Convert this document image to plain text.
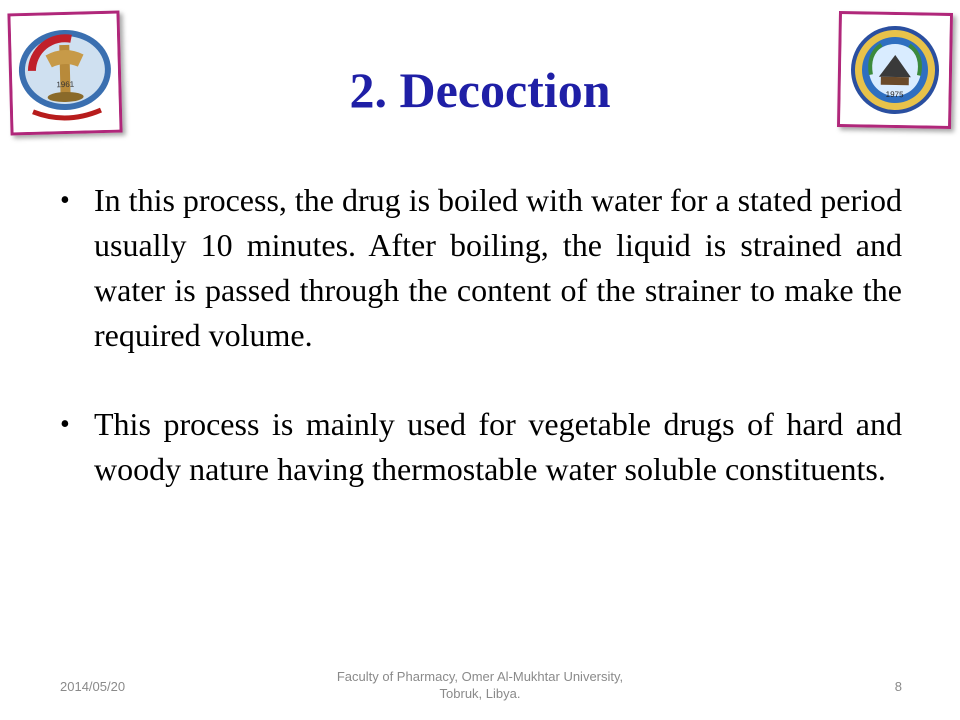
1961
1975
2. Decoction
• In this process, the drug is boiled with water for a stated period usually 10 minutes. After boiling, the liquid is strained and water is passed through the content of the strainer to make the required volume.
• This process is mainly used for vegetable drugs of hard and woody nature having thermostable water soluble constituents.
2014/05/20
Faculty of Pharmacy, Omer Al-Mukhtar University, Tobruk, Libya.	8
